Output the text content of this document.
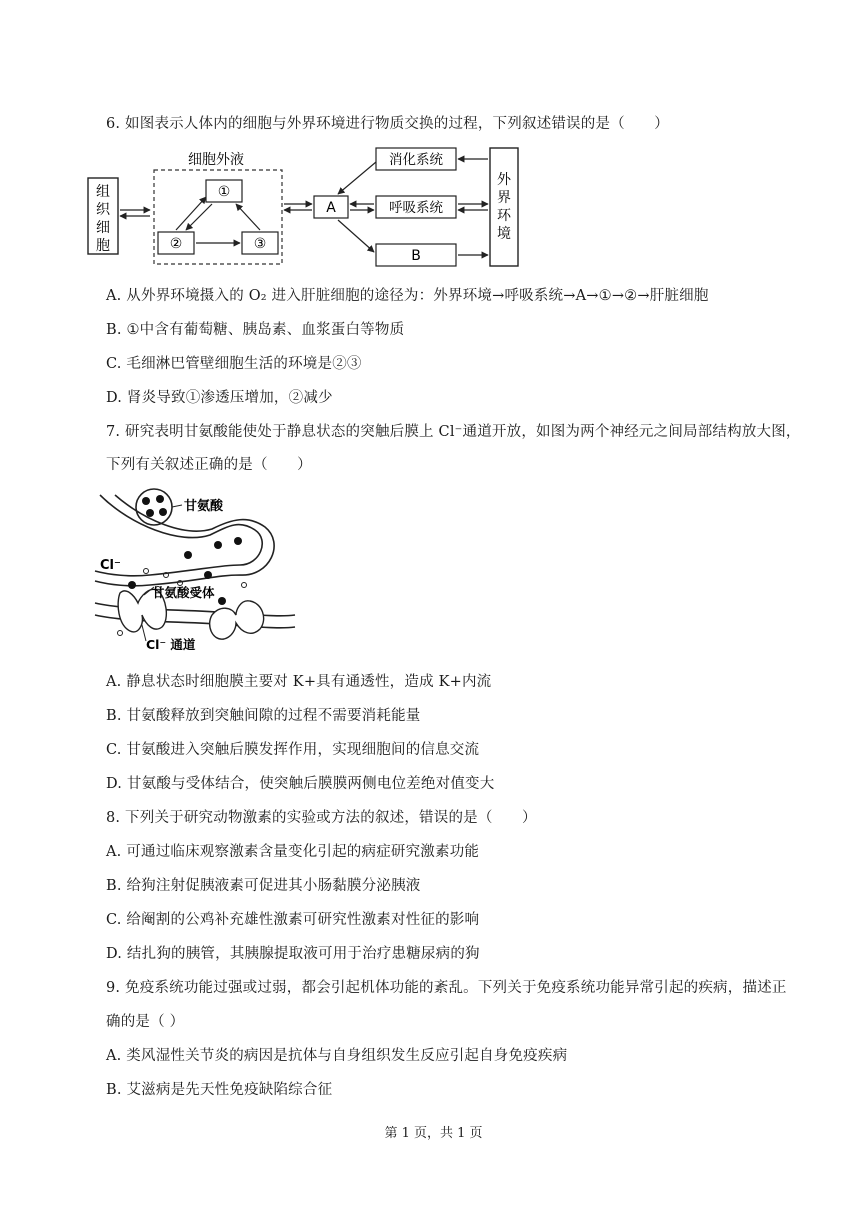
6. 如图表示人体内的细胞与外界环境进行物质交换的过程，下列叙述错误的是（　　）
组
织
细
胞
细胞外液
①
②	③
A
消化系统
呼吸系统
B
外
界
环
境
A. 从外界环境摄入的 O₂ 进入肝脏细胞的途径为：外界环境→呼吸系统→A→①→②→肝脏细胞
B. ①中含有葡萄糖、胰岛素、血浆蛋白等物质
C. 毛细淋巴管壁细胞生活的环境是②③
D. 肾炎导致①渗透压增加，②减少
7. 研究表明甘氨酸能使处于静息状态的突触后膜上 Cl⁻通道开放，如图为两个神经元之间局部结构放大图，
下列有关叙述正确的是（　　）
甘氨酸
Cl⁻
甘氨酸受体
Cl⁻ 通道
A. 静息状态时细胞膜主要对 K+具有通透性，造成 K+内流
B. 甘氨酸释放到突触间隙的过程不需要消耗能量
C. 甘氨酸进入突触后膜发挥作用，实现细胞间的信息交流
D. 甘氨酸与受体结合，使突触后膜膜两侧电位差绝对值变大
8. 下列关于研究动物激素的实验或方法的叙述，错误的是（　　）
A. 可通过临床观察激素含量变化引起的病症研究激素功能
B. 给狗注射促胰液素可促进其小肠黏膜分泌胰液
C. 给阉割的公鸡补充雄性激素可研究性激素对性征的影响
D. 结扎狗的胰管，其胰腺提取液可用于治疗患糖尿病的狗
9. 免疫系统功能过强或过弱，都会引起机体功能的紊乱。下列关于免疫系统功能异常引起的疾病，描述正
确的是（ ）
A. 类风湿性关节炎的病因是抗体与自身组织发生反应引起自身免疫疾病
B. 艾滋病是先天性免疫缺陷综合征
第 1 页，共 1 页
